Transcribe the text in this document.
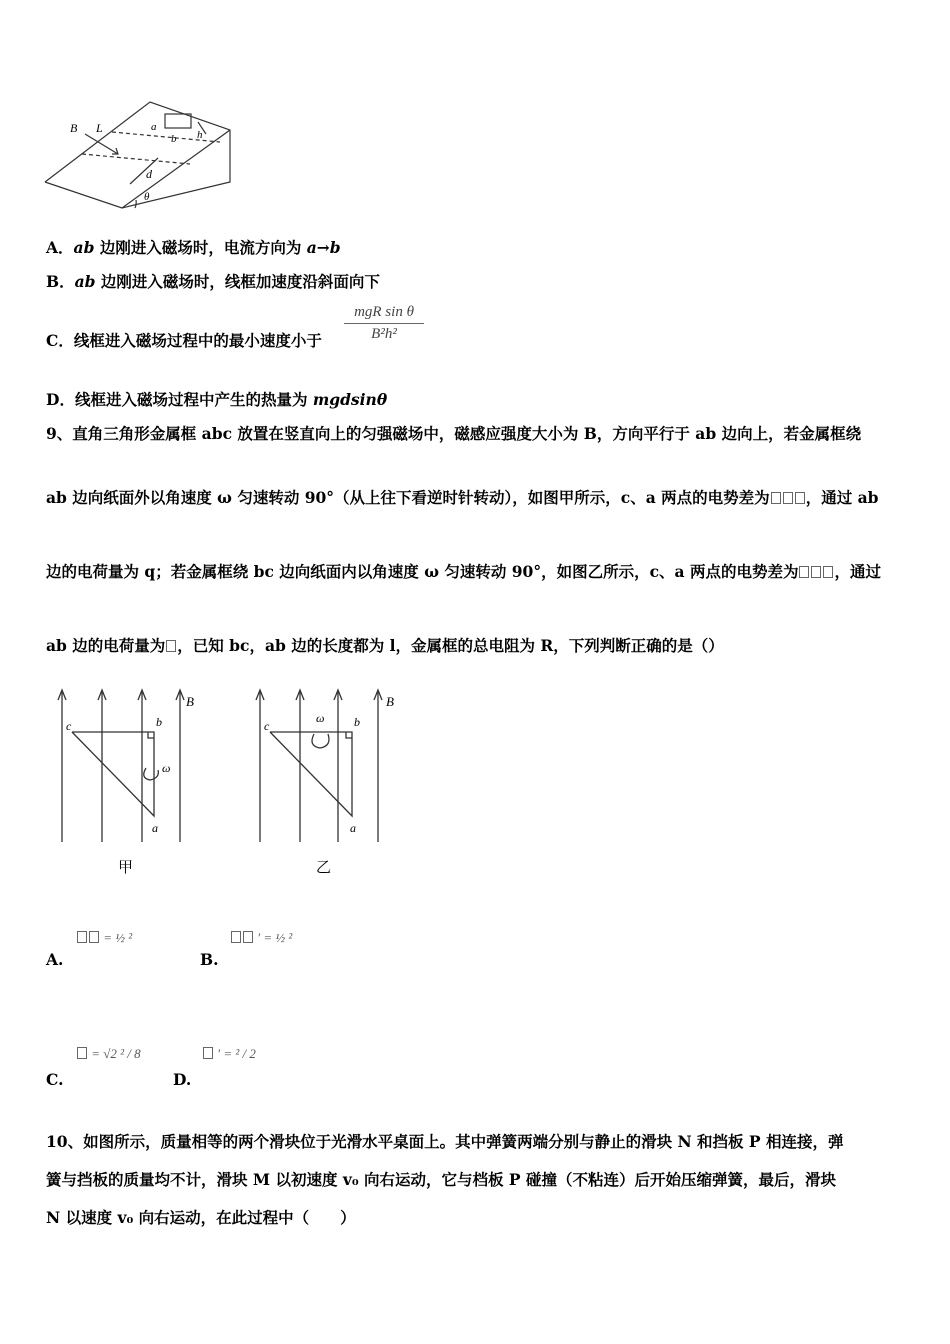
B L	a
b h
d
θ
A．ab 边刚进入磁场时，电流方向为 a→b
B．ab 边刚进入磁场时，线框加速度沿斜面向下
C．线框进入磁场过程中的最小速度小于
mgR sin θ
B²h²
D．线框进入磁场过程中产生的热量为 mgdsinθ
9、直角三角形金属框 abc 放置在竖直向上的匀强磁场中，磁感应强度大小为 B，方向平行于 ab 边向上，若金属框绕
ab 边向纸面外以角速度 ω 匀速转动 90°（从上往下看逆时针转动），如图甲所示，c、a 两点的电势差为 ，通过 ab
边的电荷量为 q；若金属框绕 bc 边向纸面内以角速度 ω 匀速转动 90°，如图乙所示，c、a 两点的电势差为 ，通过
ab 边的电荷量为 ，已知 bc，ab 边的长度都为 l，金属框的总电阻为 R，下列判断正确的是（）
B
c	b
a
ω
甲
B
c	b
a
ω
乙
A.
= ½ ²
B.
′ = ½ ²
C.
= √2 ² / 8
D.
′ = ² / 2
10、如图所示，质量相等的两个滑块位于光滑水平桌面上。其中弹簧两端分别与静止的滑块 N 和挡板 P 相连接，弹
簧与挡板的质量均不计，滑块 M 以初速度 v₀ 向右运动，它与档板 P 碰撞（不粘连）后开始压缩弹簧，最后，滑块
N 以速度 v₀ 向右运动，在此过程中（　　）
